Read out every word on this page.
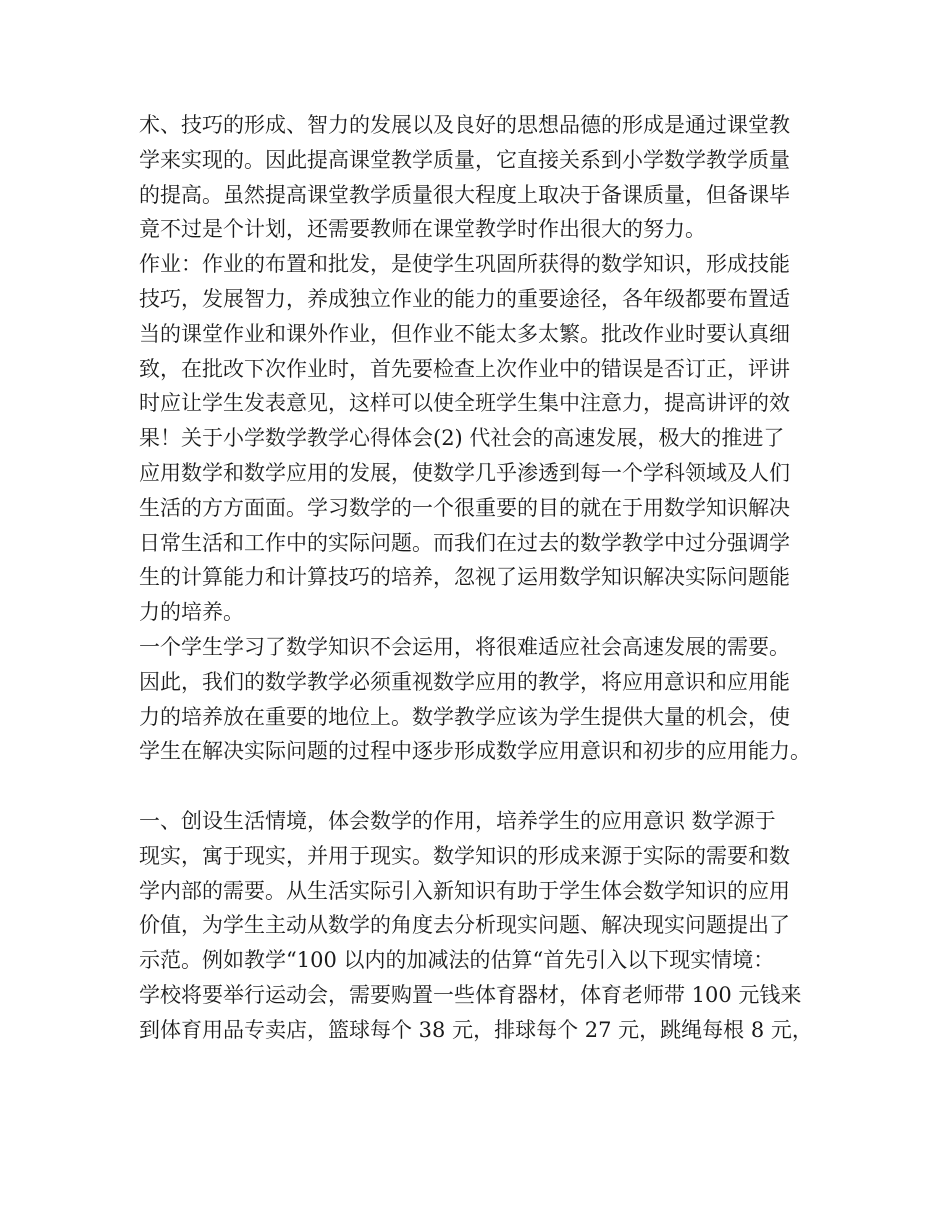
术、技巧的形成、智力的发展以及良好的思想品德的形成是通过课堂教
学来实现的。因此提高课堂教学质量，它直接关系到小学数学教学质量
的提高。虽然提高课堂教学质量很大程度上取决于备课质量，但备课毕
竟不过是个计划，还需要教师在课堂教学时作出很大的努力。
作业：作业的布置和批发，是使学生巩固所获得的数学知识，形成技能
技巧，发展智力，养成独立作业的能力的重要途径，各年级都要布置适
当的课堂作业和课外作业，但作业不能太多太繁。批改作业时要认真细
致，在批改下次作业时，首先要检查上次作业中的错误是否订正，评讲
时应让学生发表意见，这样可以使全班学生集中注意力，提高讲评的效
果！关于小学数学教学心得体会(2) 代社会的高速发展，极大的推进了
应用数学和数学应用的发展，使数学几乎渗透到每一个学科领域及人们
生活的方方面面。学习数学的一个很重要的目的就在于用数学知识解决
日常生活和工作中的实际问题。而我们在过去的数学教学中过分强调学
生的计算能力和计算技巧的培养，忽视了运用数学知识解决实际问题能
力的培养。
一个学生学习了数学知识不会运用，将很难适应社会高速发展的需要。
因此，我们的数学教学必须重视数学应用的教学，将应用意识和应用能
力的培养放在重要的地位上。数学教学应该为学生提供大量的机会，使
学生在解决实际问题的过程中逐步形成数学应用意识和初步的应用能力。
一、创设生活情境，体会数学的作用，培养学生的应用意识 数学源于
现实，寓于现实，并用于现实。数学知识的形成来源于实际的需要和数
学内部的需要。从生活实际引入新知识有助于学生体会数学知识的应用
价值，为学生主动从数学的角度去分析现实问题、解决现实问题提出了
示范。例如教学“100 以内的加减法的估算“首先引入以下现实情境：
学校将要举行运动会，需要购置一些体育器材，体育老师带 100 元钱来
到体育用品专卖店，篮球每个 38 元，排球每个 27 元，跳绳每根 8 元，
